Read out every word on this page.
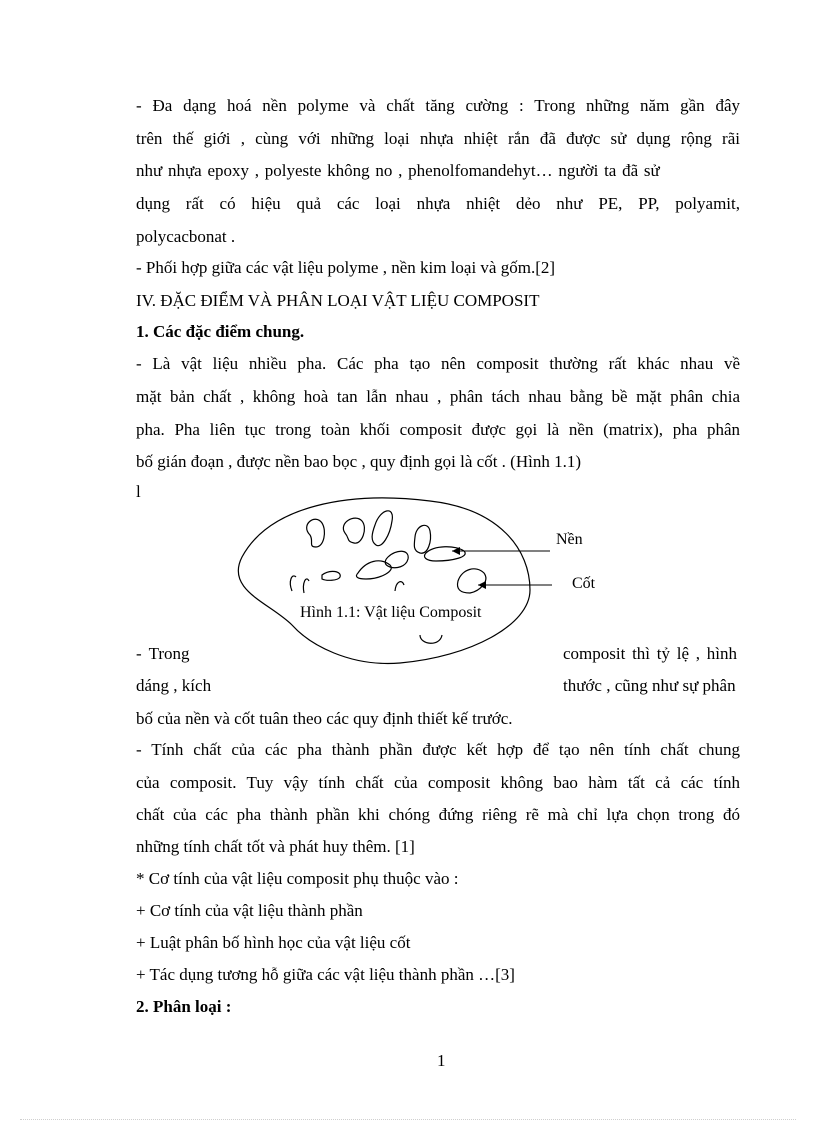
- Đa dạng hoá nền polyme và chất tăng cường : Trong những năm gần đây
trên thế giới , cùng với những loại nhựa nhiệt rắn đã được sử dụng rộng rãi
như nhựa epoxy , polyeste không no , phenolfomandehyt… người ta đã sử
dụng rất có hiệu quả các loại nhựa nhiệt dẻo như PE, PP, polyamit,
polycacbonat .
- Phối hợp giữa các vật liệu polyme , nền kim loại và gốm.[2]
IV. ĐẶC ĐIỂM VÀ PHÂN LOẠI VẬT LIỆU COMPOSIT
1. Các đặc điểm chung.
- Là vật liệu nhiều pha. Các pha tạo nên composit thường rất khác nhau về
mặt bản chất , không hoà tan lẫn nhau , phân tách nhau bằng bề mặt phân chia
pha. Pha liên tục trong toàn khối composit được gọi là nền (matrix), pha phân
bố gián đoạn , được nền bao bọc , quy định gọi là cốt . (Hình 1.1)
l
Nền
Cốt
Hình 1.1: Vật liệu Composit
- Trong	composit thì tỷ lệ , hình
dáng , kích	thước , cũng như sự phân
bố của nền và cốt tuân theo các quy định thiết kế trước.
- Tính chất của các pha thành phần được kết hợp để tạo nên tính chất chung
của composit. Tuy vậy tính chất của composit không bao hàm tất cả các tính
chất của các pha thành phần khi chóng đứng riêng rẽ mà chỉ lựa chọn trong đó
những tính chất tốt và phát huy thêm. [1]
* Cơ tính của vật liệu composit phụ thuộc vào :
+ Cơ tính của vật liệu thành phần
+ Luật phân bố hình học của vật liệu cốt
+ Tác dụng tương hỗ giữa các vật liệu thành phần …[3]
2. Phân loại :
1
